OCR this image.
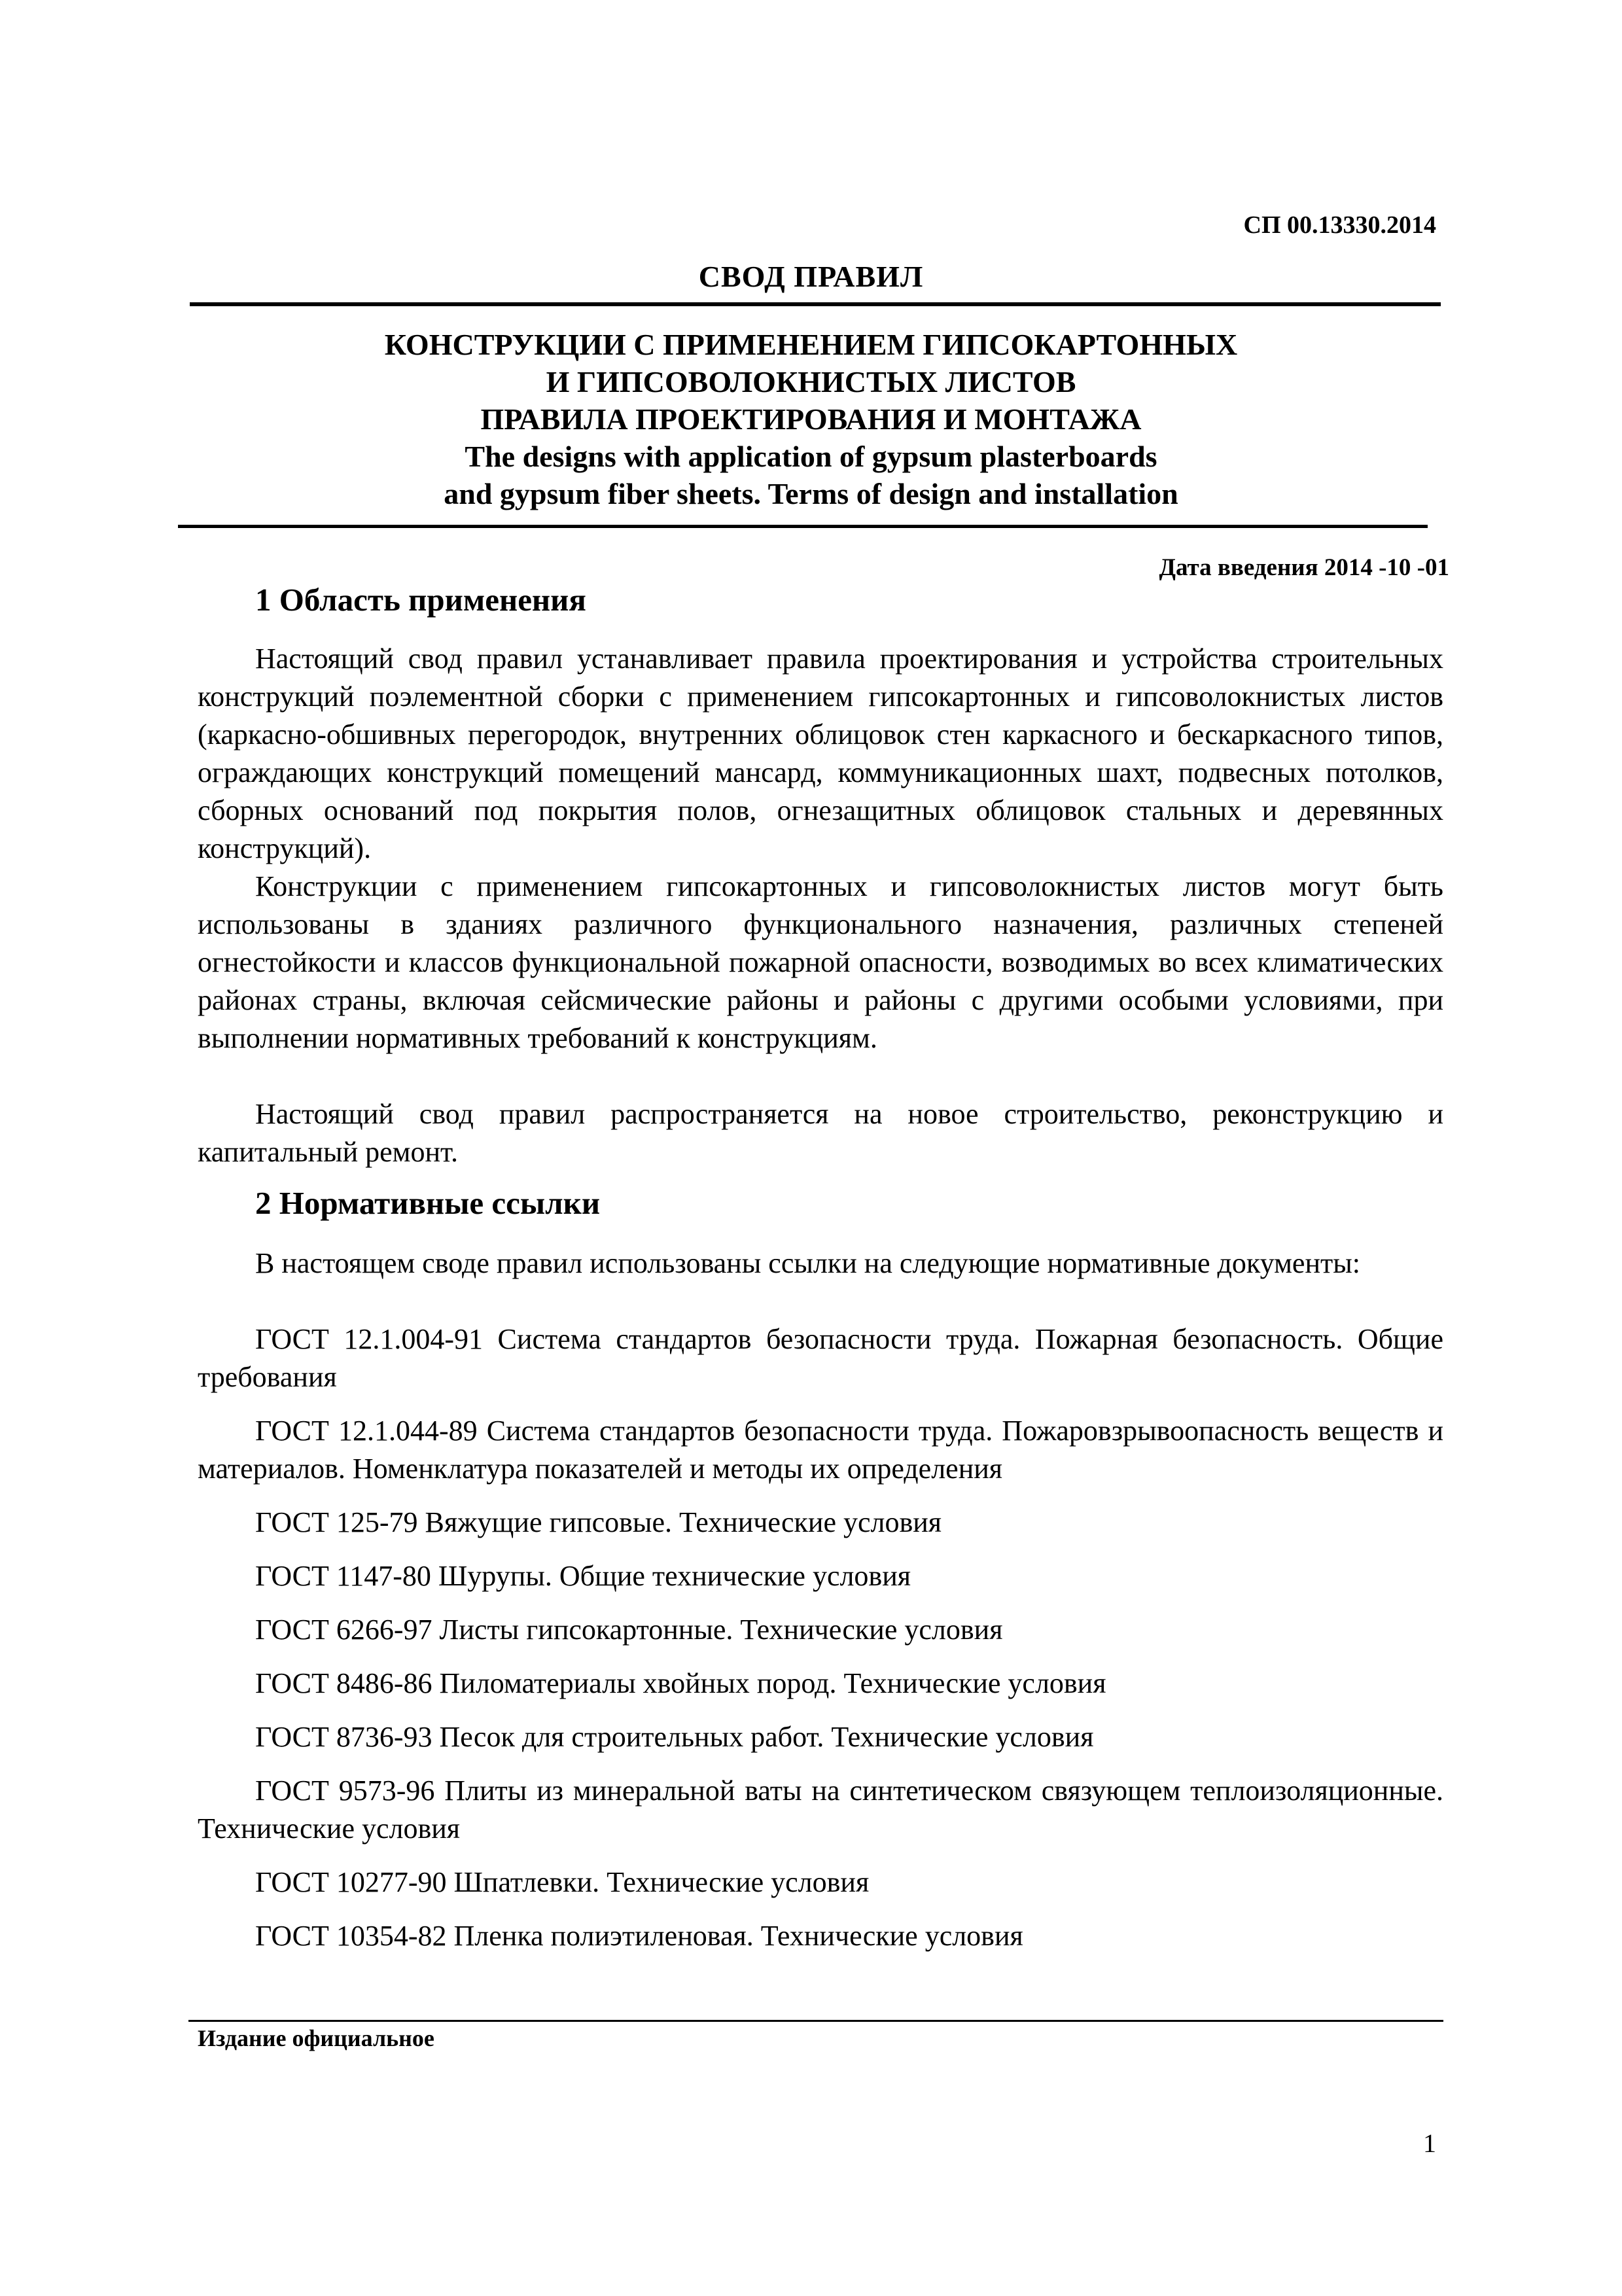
СП 00.13330.2014
СВОД ПРАВИЛ
КОНСТРУКЦИИ С ПРИМЕНЕНИЕМ ГИПСОКАРТОННЫХ
И ГИПСОВОЛОКНИСТЫХ ЛИСТОВ
ПРАВИЛА ПРОЕКТИРОВАНИЯ И МОНТАЖА
The designs with application of gypsum plasterboards
and gypsum fiber sheets. Terms of design and installation
Дата введения 2014 -10 -01
1 Область применения
Настоящий свод правил устанавливает правила проектирования и устройства строительных конструкций поэлементной сборки с применением гипсокартонных и гипсоволокнистых листов (каркасно-обшивных перегородок, внутренних облицовок стен каркасного и бескаркасного типов, ограждающих конструкций помещений мансард, коммуникационных шахт, подвесных потолков, сборных оснований под покрытия полов, огнезащитных облицовок стальных и деревянных конструкций).
Конструкции с применением гипсокартонных и гипсоволокнистых листов могут быть использованы в зданиях различного функционального назначения, различных степеней огнестойкости и классов функциональной пожарной опасности, возводимых во всех климатических районах страны, включая сейсмические районы и районы с другими особыми условиями, при выполнении нормативных требований к конструкциям.
Настоящий свод правил распространяется на новое строительство, реконструкцию и капитальный ремонт.
2 Нормативные ссылки
В настоящем своде правил использованы ссылки на следующие нормативные документы:

ГОСТ 12.1.004-91 Система стандартов безопасности труда. Пожарная безопасность. Общие требования

ГОСТ 12.1.044-89 Система стандартов безопасности труда. Пожаровзрывоопасность веществ и материалов. Номенклатура показателей и методы их определения

ГОСТ 125-79 Вяжущие гипсовые. Технические условия

ГОСТ 1147-80 Шурупы. Общие технические условия

ГОСТ 6266-97 Листы гипсокартонные. Технические условия

ГОСТ 8486-86 Пиломатериалы хвойных пород. Технические условия

ГОСТ 8736-93 Песок для строительных работ. Технические условия

ГОСТ 9573-96 Плиты из минеральной ваты на синтетическом связующем теплоизоляционные. Технические условия

ГОСТ 10277-90 Шпатлевки. Технические условия

ГОСТ 10354-82 Пленка полиэтиленовая. Технические условия

Издание официальное
1
